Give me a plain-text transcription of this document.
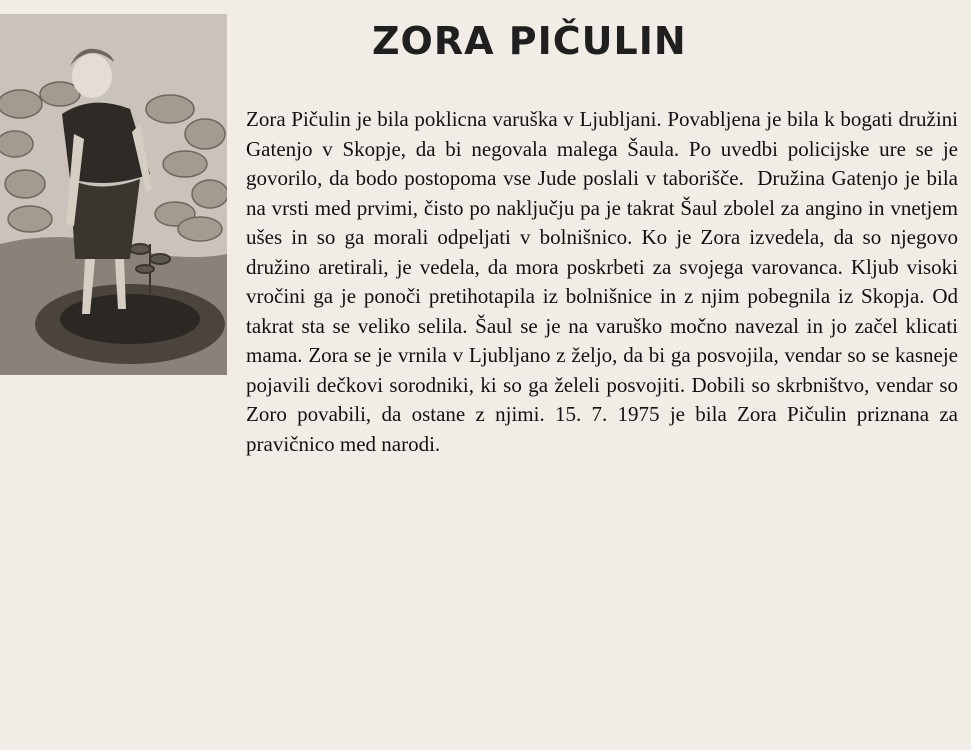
ZORA PIČULIN

Zora Pičulin je bila poklicna varuška v Ljubljani. Povabljena je bila k bogati družini Gatenjo v Skopje, da bi negovala malega Šaula. Po uvedbi policijske ure se je govorilo, da bodo postopoma vse Jude poslali v taborišče.  Družina Gatenjo je bila na vrsti med prvimi, čisto po naključju pa je takrat Šaul zbolel za angino in vnetjem ušes in so ga morali odpeljati v bolnišnico. Ko je Zora izvedela, da so njegovo družino aretirali, je vedela, da mora poskrbeti za svojega varovanca. Kljub visoki vročini ga je ponoči pretihotapila iz bolnišnice in z njim pobegnila iz Skopja. Od takrat sta se veliko selila. Šaul se je na varuško močno navezal in jo začel klicati mama. Zora se je vrnila v Ljubljano z željo, da bi ga posvojila, vendar so se kasneje pojavili dečkovi sorodniki, ki so ga želeli posvojiti. Dobili so skrbništvo, vendar so Zoro povabili, da ostane z njimi. 15. 7. 1975 je bila Zora Pičulin priznana za pravičnico med narodi.
